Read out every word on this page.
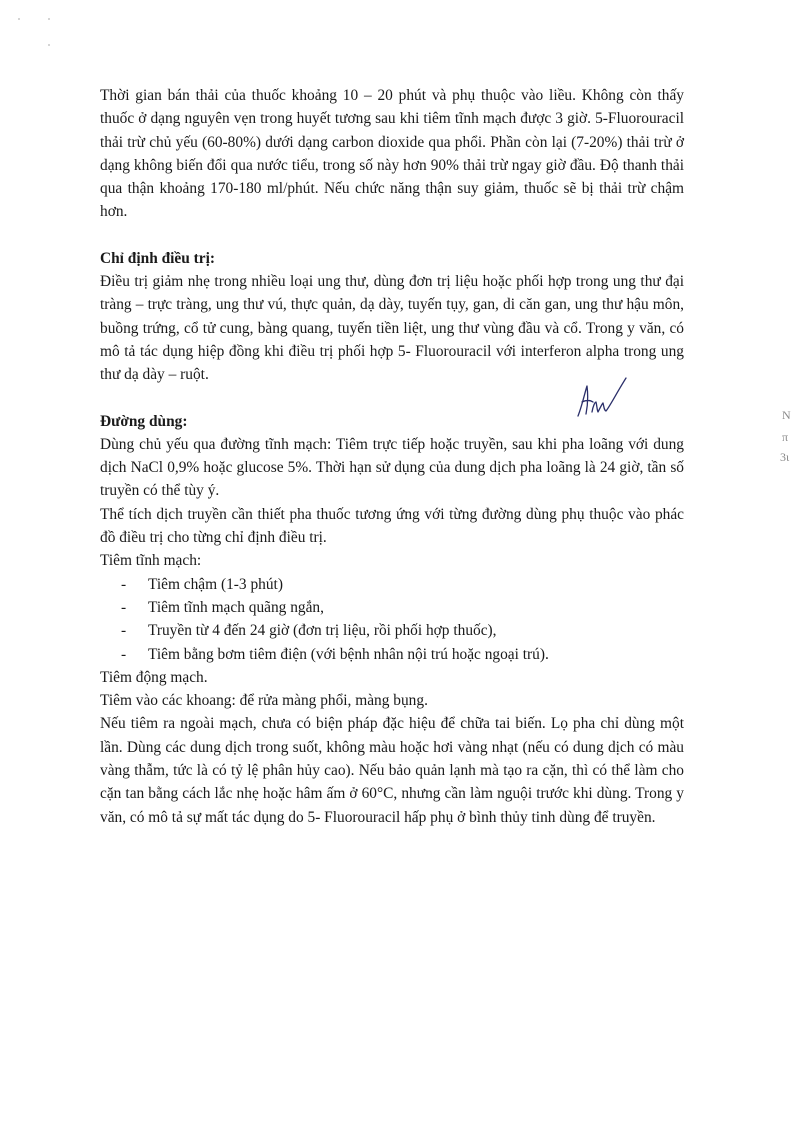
Thời gian bán thải của thuốc khoảng 10 – 20 phút và phụ thuộc vào liều. Không còn thấy thuốc ở dạng nguyên vẹn trong huyết tương sau khi tiêm tĩnh mạch được 3 giờ. 5-Fluorouracil thải trừ chủ yếu (60-80%) dưới dạng carbon dioxide qua phổi. Phần còn lại (7-20%) thải trừ ở dạng không biến đổi qua nước tiểu, trong số này hơn 90% thải trừ ngay giờ đầu. Độ thanh thải qua thận khoảng 170-180 ml/phút. Nếu chức năng thận suy giảm, thuốc sẽ bị thải trừ chậm hơn.

Chỉ định điều trị:

Điều trị giảm nhẹ trong nhiều loại ung thư, dùng đơn trị liệu hoặc phối hợp trong ung thư đại tràng – trực tràng, ung thư vú, thực quản, dạ dày, tuyến tụy, gan, di căn gan, ung thư hậu môn, buồng trứng, cổ tử cung, bàng quang, tuyến tiền liệt, ung thư vùng đầu và cổ. Trong y văn, có mô tả tác dụng hiệp đồng khi điều trị phối hợp 5- Fluorouracil với interferon alpha trong ung thư dạ dày – ruột.

Đường dùng:

Dùng chủ yếu qua đường tĩnh mạch: Tiêm trực tiếp hoặc truyền, sau khi pha loãng với dung dịch NaCl 0,9% hoặc glucose 5%. Thời hạn sử dụng của dung dịch pha loãng là 24 giờ, tần số truyền có thể tùy ý.

Thể tích dịch truyền cần thiết pha thuốc tương ứng với từng đường dùng phụ thuộc vào phác đồ điều trị cho từng chỉ định điều trị.

Tiêm tĩnh mạch:

- Tiêm chậm (1-3 phút)
- Tiêm tĩnh mạch quãng ngắn,
- Truyền từ 4 đến 24 giờ (đơn trị liệu, rồi phối hợp thuốc),
- Tiêm bằng bơm tiêm điện (với bệnh nhân nội trú hoặc ngoại trú).

Tiêm động mạch.

Tiêm vào các khoang: để rửa màng phổi, màng bụng.

Nếu tiêm ra ngoài mạch, chưa có biện pháp đặc hiệu để chữa tai biến. Lọ pha chỉ dùng một lần. Dùng các dung dịch trong suốt, không màu hoặc hơi vàng nhạt (nếu có dung dịch có màu vàng thẫm, tức là có tỷ lệ phân hủy cao). Nếu bảo quản lạnh mà tạo ra cặn, thì có thể làm cho cặn tan bằng cách lắc nhẹ hoặc hâm ấm ở 60°C, nhưng cần làm nguội trước khi dùng. Trong y văn, có mô tả sự mất tác dụng do 5- Fluorouracil hấp phụ ở bình thủy tinh dùng để truyền.

N
π
3ι
